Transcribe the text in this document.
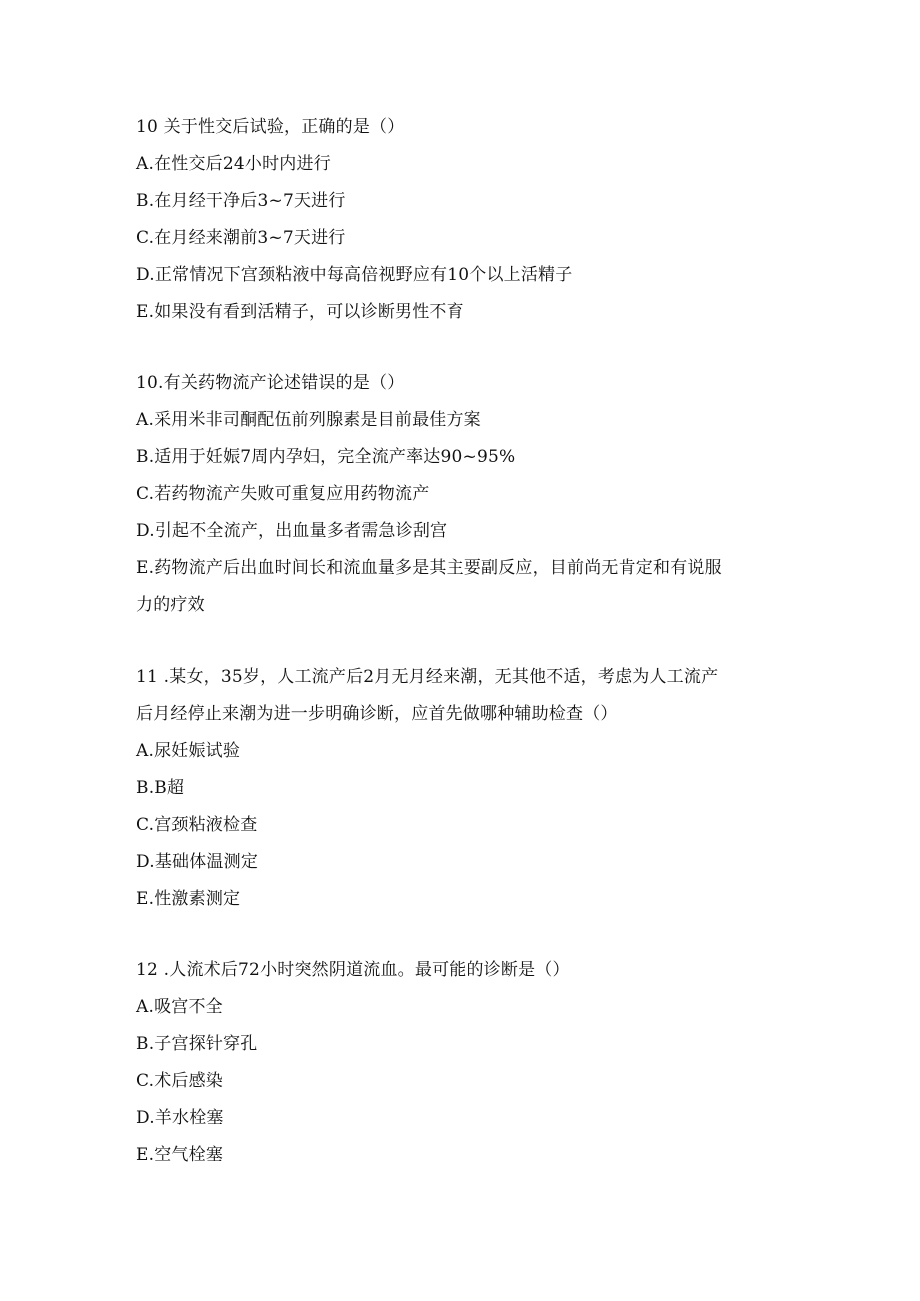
10 关于性交后试验，正确的是（）
A.在性交后24小时内进行
B.在月经干净后3~7天进行
C.在月经来潮前3~7天进行
D.正常情况下宫颈粘液中每高倍视野应有10个以上活精子
E.如果没有看到活精子，可以诊断男性不育
10.有关药物流产论述错误的是（）
A.采用米非司酮配伍前列腺素是目前最佳方案
B.适用于妊娠7周内孕妇，完全流产率达90~95%
C.若药物流产失败可重复应用药物流产
D.引起不全流产，出血量多者需急诊刮宫
E.药物流产后出血时间长和流血量多是其主要副反应，目前尚无肯定和有说服
力的疗效
11 .某女，35岁，人工流产后2月无月经来潮，无其他不适，考虑为人工流产
后月经停止来潮为进一步明确诊断，应首先做哪种辅助检查（）
A.尿妊娠试验
B.B超
C.宫颈粘液检查
D.基础体温测定
E.性激素测定
12 .人流术后72小时突然阴道流血。最可能的诊断是（）
A.吸宫不全
B.子宫探针穿孔
C.术后感染
D.羊水栓塞
E.空气栓塞
